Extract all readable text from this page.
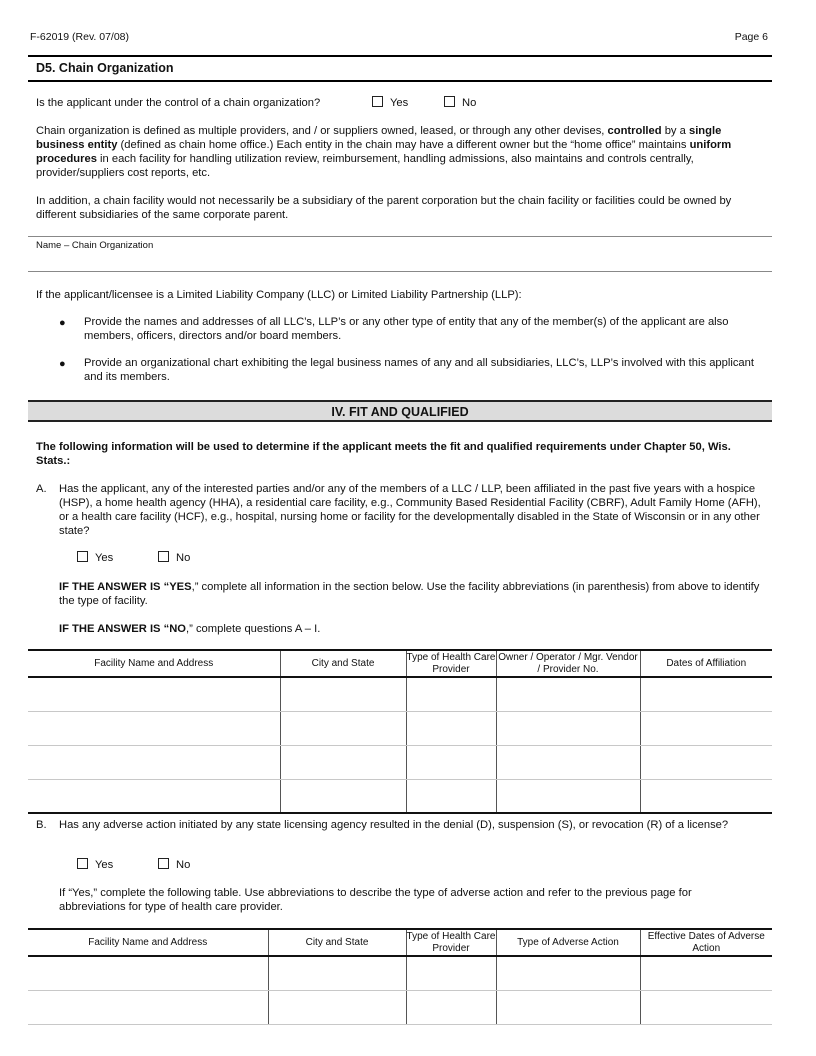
F-62019 (Rev. 07/08)	Page 6
D5. Chain Organization
Is the applicant under the control of a chain organization?	Yes	No
Chain organization is defined as multiple providers, and / or suppliers owned, leased, or through any other devises, controlled by a single business entity (defined as chain home office.) Each entity in the chain may have a different owner but the “home office” maintains uniform procedures in each facility for handling utilization review, reimbursement, handling admissions, also maintains and controls centrally, provider/suppliers cost reports, etc.
In addition, a chain facility would not necessarily be a subsidiary of the parent corporation but the chain facility or facilities could be owned by different subsidiaries of the same corporate parent.
Name – Chain Organization
If the applicant/licensee is a Limited Liability Company (LLC) or Limited Liability Partnership (LLP):
● Provide the names and addresses of all LLC’s, LLP’s or any other type of entity that any of the member(s) of the applicant are also members, officers, directors and/or board members.
● Provide an organizational chart exhibiting the legal business names of any and all subsidiaries, LLC’s, LLP’s involved with this applicant and its members.
IV. FIT AND QUALIFIED
The following information will be used to determine if the applicant meets the fit and qualified requirements under Chapter 50, Wis. Stats.:
A. Has the applicant, any of the interested parties and/or any of the members of a LLC / LLP, been affiliated in the past five years with a hospice (HSP), a home health agency (HHA), a residential care facility, e.g., Community Based Residential Facility (CBRF), Adult Family Home (AFH), or a health care facility (HCF), e.g., hospital, nursing home or facility for the developmentally disabled in the State of Wisconsin or in any other state?
Yes	No
IF THE ANSWER IS “YES,” complete all information in the section below. Use the facility abbreviations (in parenthesis) from above to identify the type of facility.
IF THE ANSWER IS “NO,” complete questions A – I.
Facility Name and Address	City and State	Type of Health Care Provider	Owner / Operator / Mgr. Vendor / Provider No.	Dates of Affiliation

B. Has any adverse action initiated by any state licensing agency resulted in the denial (D), suspension (S), or revocation (R) of a license?
Yes	No
If “Yes,” complete the following table. Use abbreviations to describe the type of adverse action and refer to the previous page for abbreviations for type of health care provider.
Facility Name and Address	City and State	Type of Health Care Provider	Type of Adverse Action	Effective Dates of Adverse Action
